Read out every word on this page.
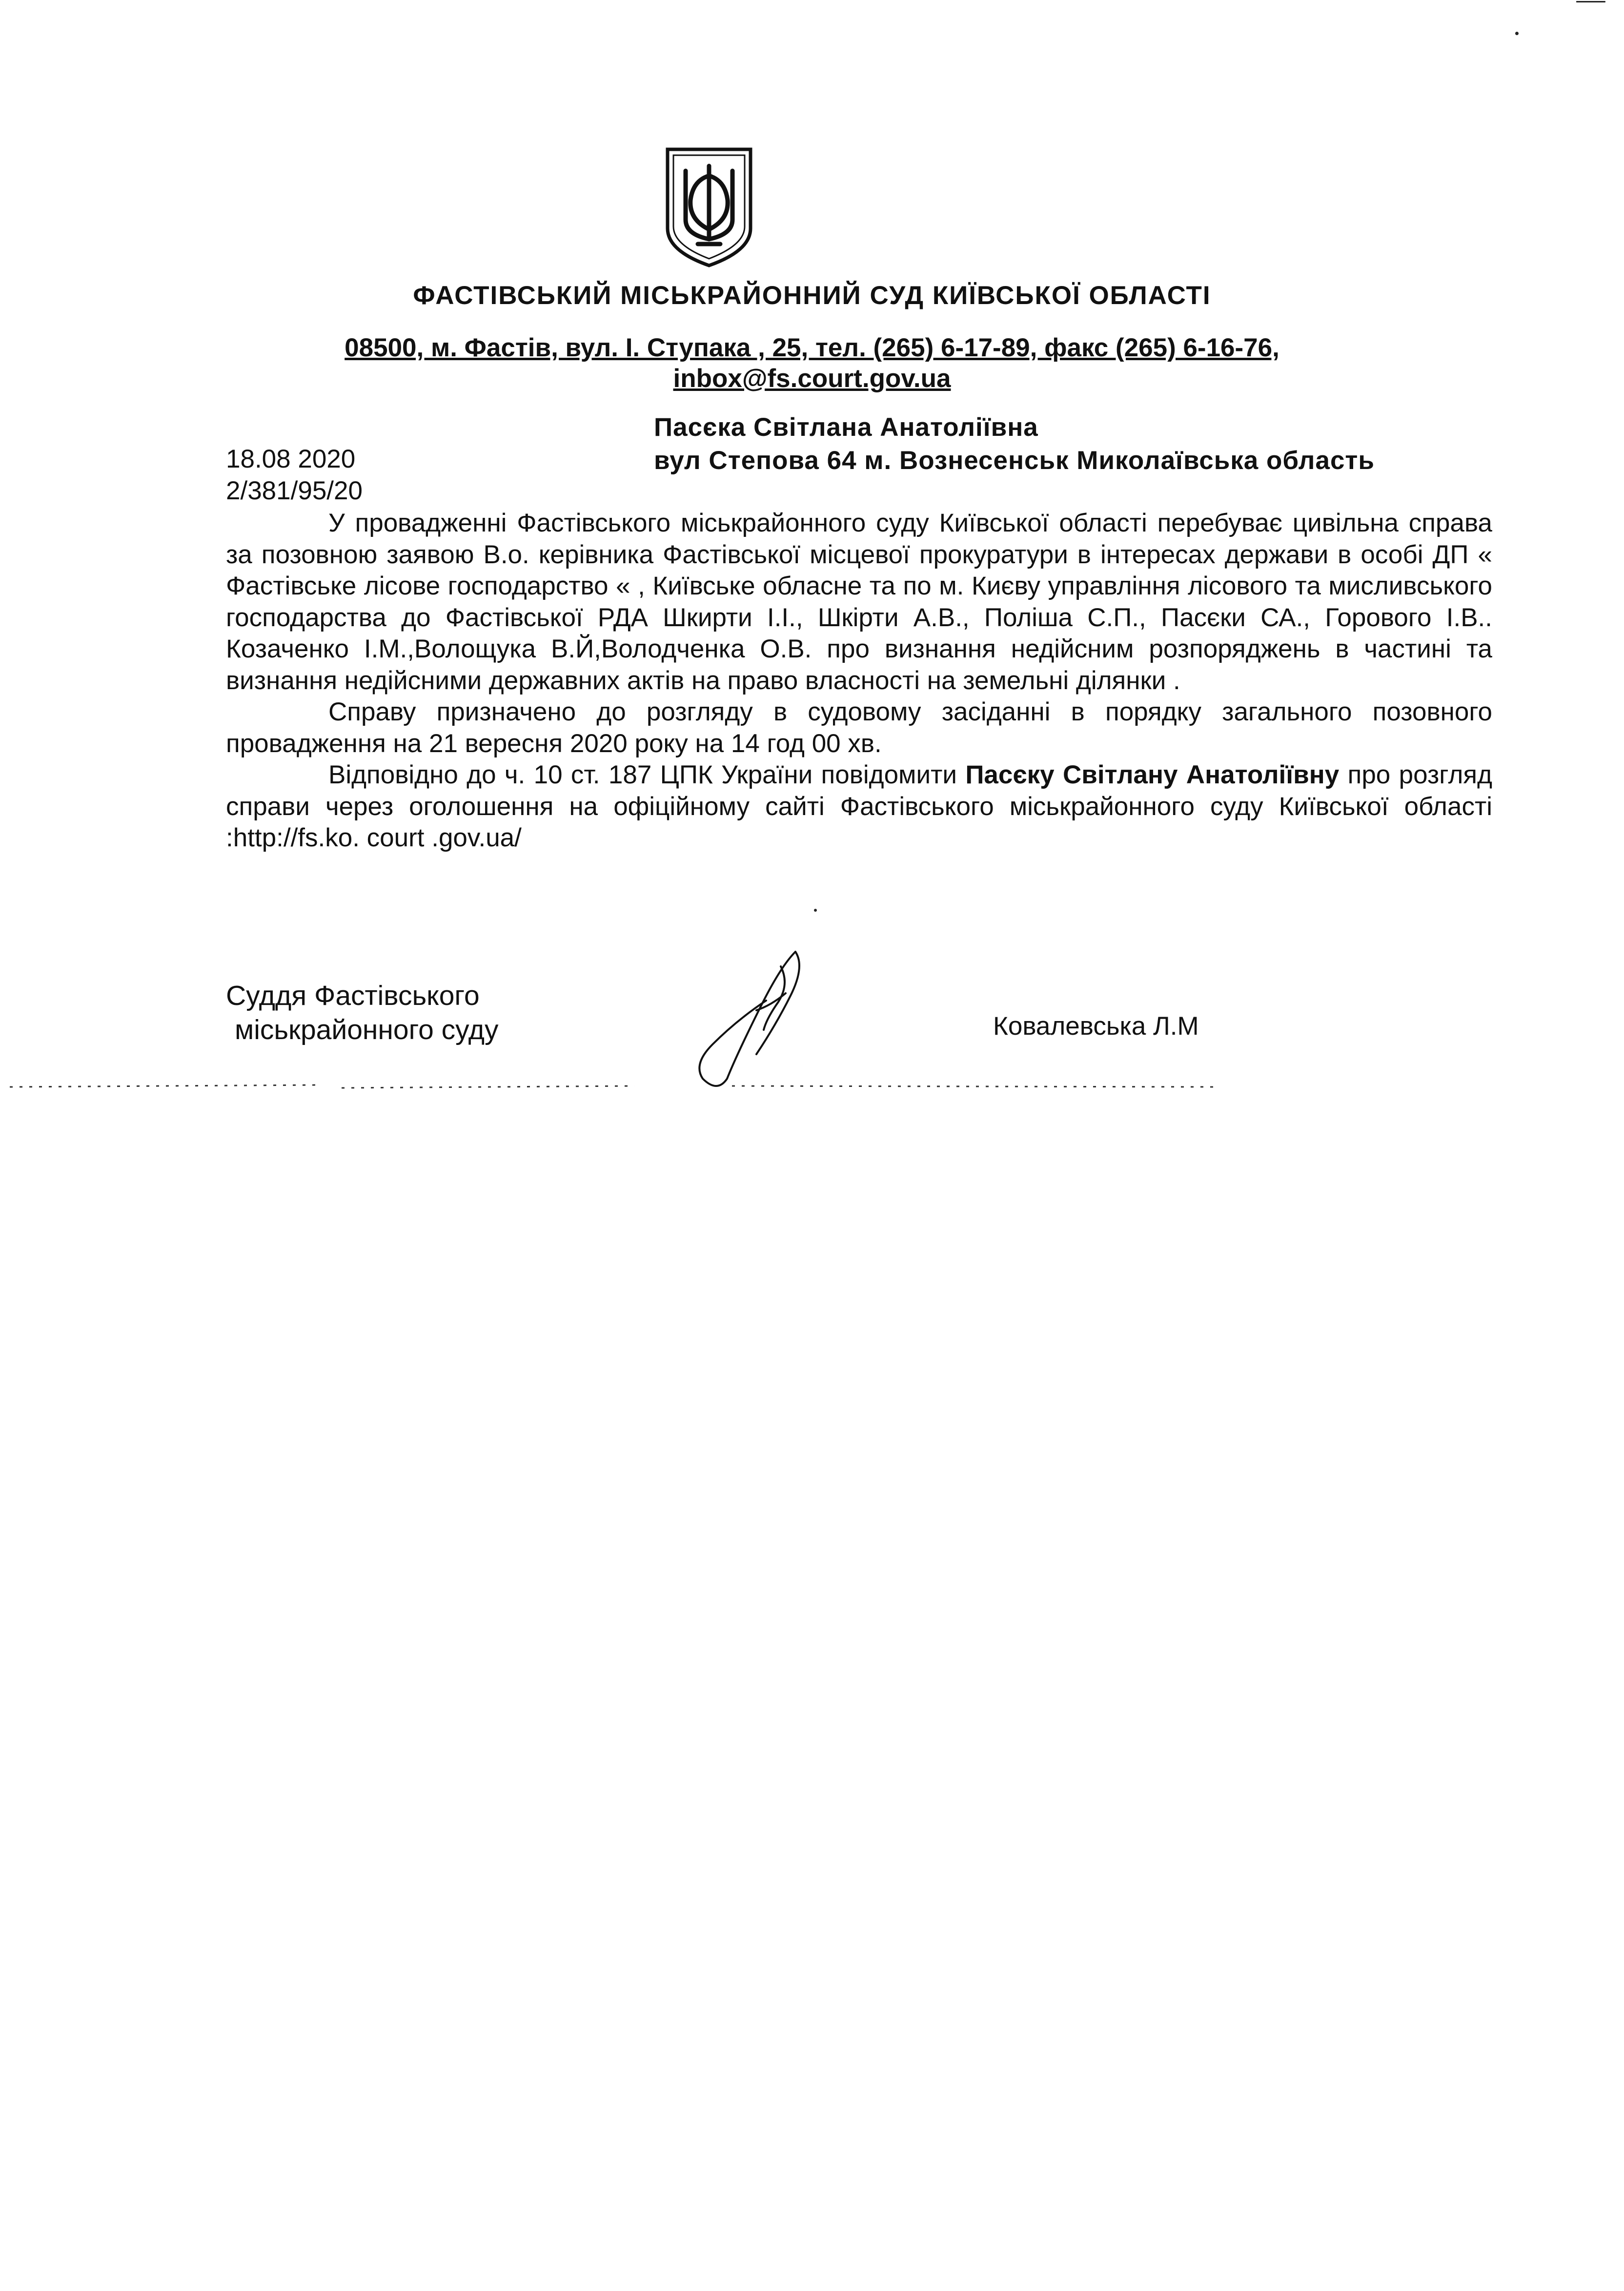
ФАСТІВСЬКИЙ МІСЬКРАЙОННИЙ СУД КИЇВСЬКОЇ ОБЛАСТІ
08500, м. Фастів, вул. І. Ступака , 25, тел. (265) 6-17-89, факс (265) 6-16-76,
inbox@fs.court.gov.ua
Пасєка Світлана Анатоліївна
вул Степова 64 м. Вознесенськ Миколаївська область
18.08 2020
2/381/95/20

У провадженні Фастівського міськрайонного суду Київської області перебуває цивільна справа за позовною заявою В.о. керівника Фастівської місцевої прокуратури в інтересах держави в особі ДП « Фастівське лісове господарство « , Київське обласне та по м. Києву управління лісового та мисливського господарства до Фастівської РДА Шкирти І.І., Шкірти А.В., Поліша С.П., Пасєки СА., Горового І.В.. Козаченко І.М.,Волощука В.Й,Володченка О.В. про визнання недійсним розпоряджень в частині та визнання недійсними державних актів на право власності на земельні ділянки .

Справу призначено до розгляду в судовому засіданні в порядку загального позовного провадження на 21 вересня 2020 року на 14 год 00 хв.

Відповідно до ч. 10 ст. 187 ЦПК України повідомити Пасєку Світлану Анатоліївну про розгляд справи через оголошення на офіційному сайті Фастівського міськрайонного суду Київської області :http://fs.ko. court .gov.ua/

Суддя Фастівського
міськрайонного суду	Ковалевська Л.М
